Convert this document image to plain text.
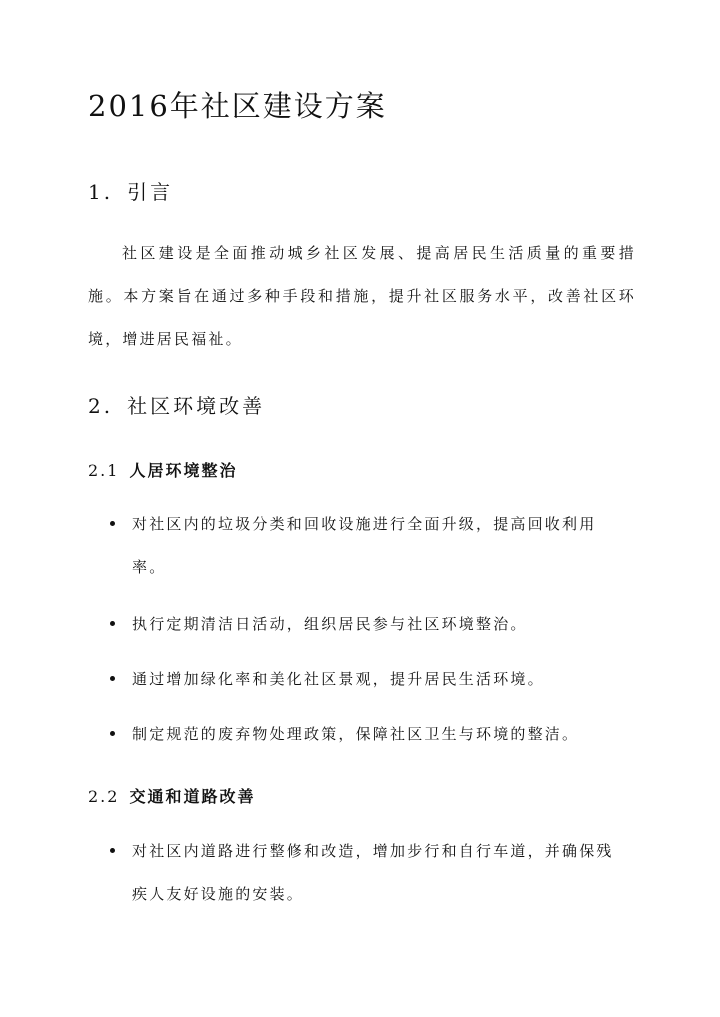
2016年社区建设方案
1. 引言

社区建设是全面推动城乡社区发展、提高居民生活质量的重要措施。本方案旨在通过多种手段和措施，提升社区服务水平，改善社区环境，增进居民福祉。

2. 社区环境改善
2.1 人居环境整治
对社区内的垃圾分类和回收设施进行全面升级，提高回收利用率。
执行定期清洁日活动，组织居民参与社区环境整治。
通过增加绿化率和美化社区景观，提升居民生活环境。
制定规范的废弃物处理政策，保障社区卫生与环境的整洁。
2.2 交通和道路改善
对社区内道路进行整修和改造，增加步行和自行车道，并确保残疾人友好设施的安装。
